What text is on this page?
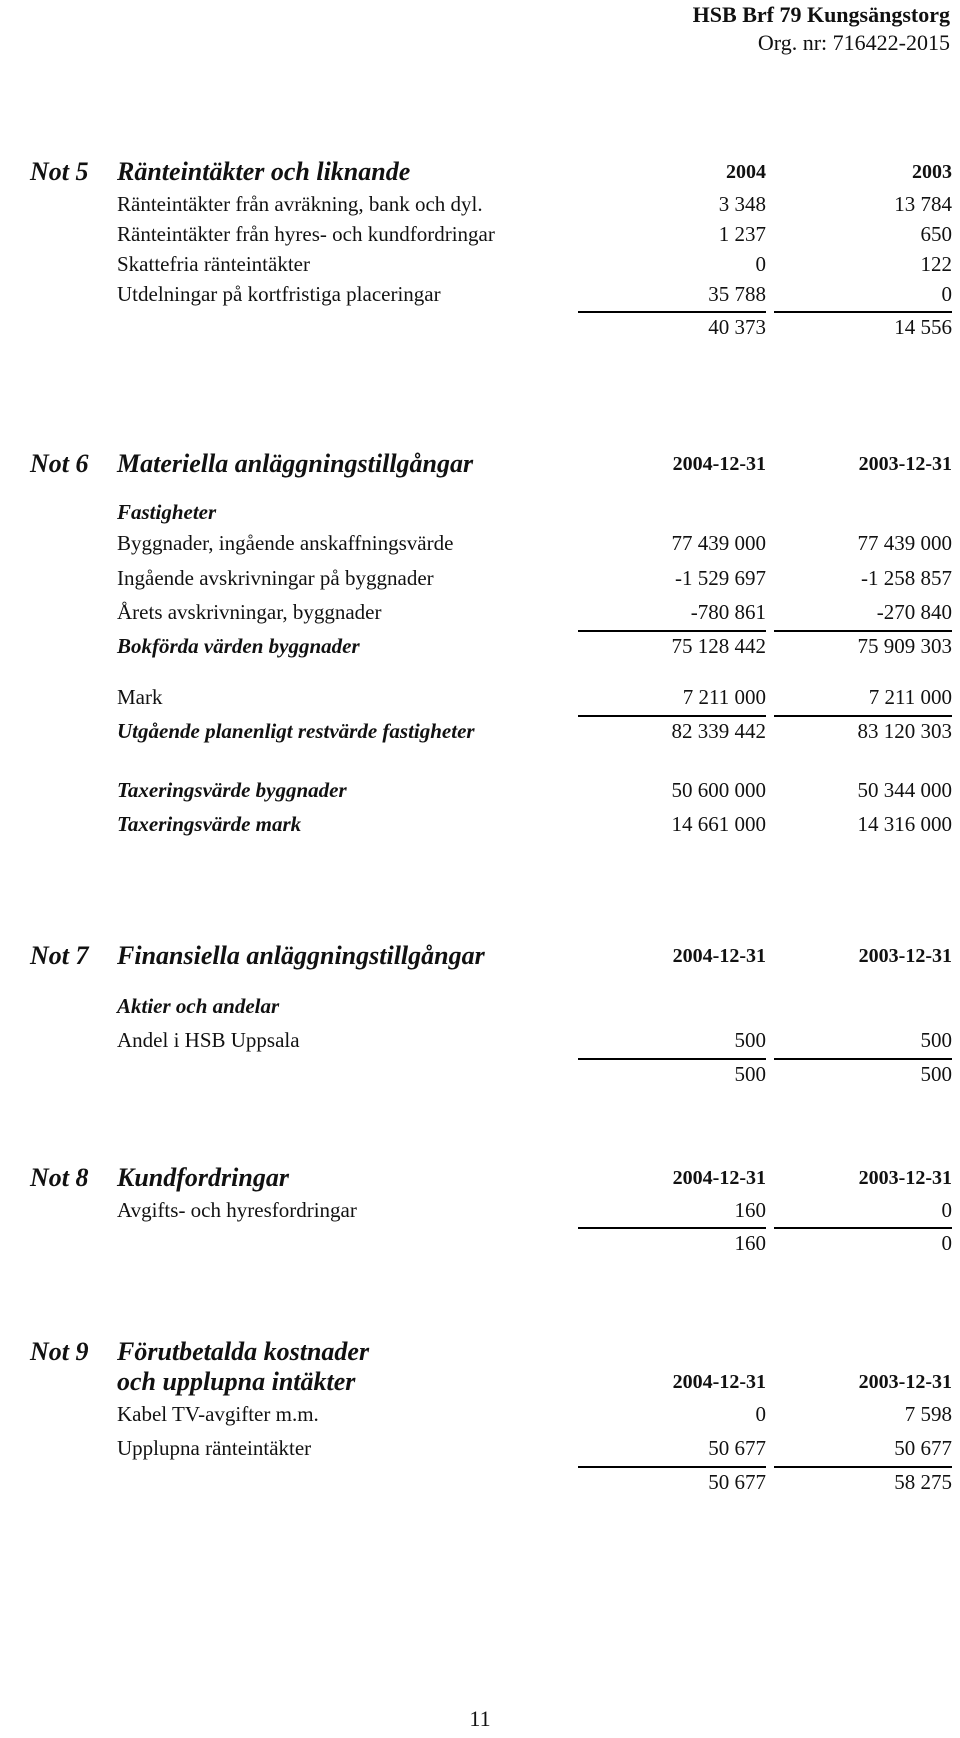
HSB Brf 79 Kungsängstorg
Org. nr: 716422-2015
Not 5 Ränteintäkter och liknande	2004	2003
Ränteintäkter från avräkning, bank och dyl.	3 348	13 784
Ränteintäkter från hyres- och kundfordringar	1 237	650
Skattefria ränteintäkter	0	122
Utdelningar på kortfristiga placeringar	35 788	0
40 373	14 556
Not 6 Materiella anläggningstillgångar	2004-12-31	2003-12-31
Fastigheter
Byggnader, ingående anskaffningsvärde	77 439 000	77 439 000
Ingående avskrivningar på byggnader	-1 529 697	-1 258 857
Årets avskrivningar, byggnader	-780 861	-270 840
Bokförda värden byggnader	75 128 442	75 909 303
Mark	7 211 000	7 211 000
Utgående planenligt restvärde fastigheter	82 339 442	83 120 303
Taxeringsvärde byggnader	50 600 000	50 344 000
Taxeringsvärde mark	14 661 000	14 316 000
Not 7 Finansiella anläggningstillgångar	2004-12-31	2003-12-31
Aktier och andelar
Andel i HSB Uppsala	500	500
500	500
Not 8 Kundfordringar	2004-12-31	2003-12-31
Avgifts- och hyresfordringar	160	0
160	0
Not 9 Förutbetalda kostnader
och upplupna intäkter	2004-12-31	2003-12-31
Kabel TV-avgifter m.m.	0	7 598
Upplupna ränteintäkter	50 677	50 677
50 677	58 275
11
